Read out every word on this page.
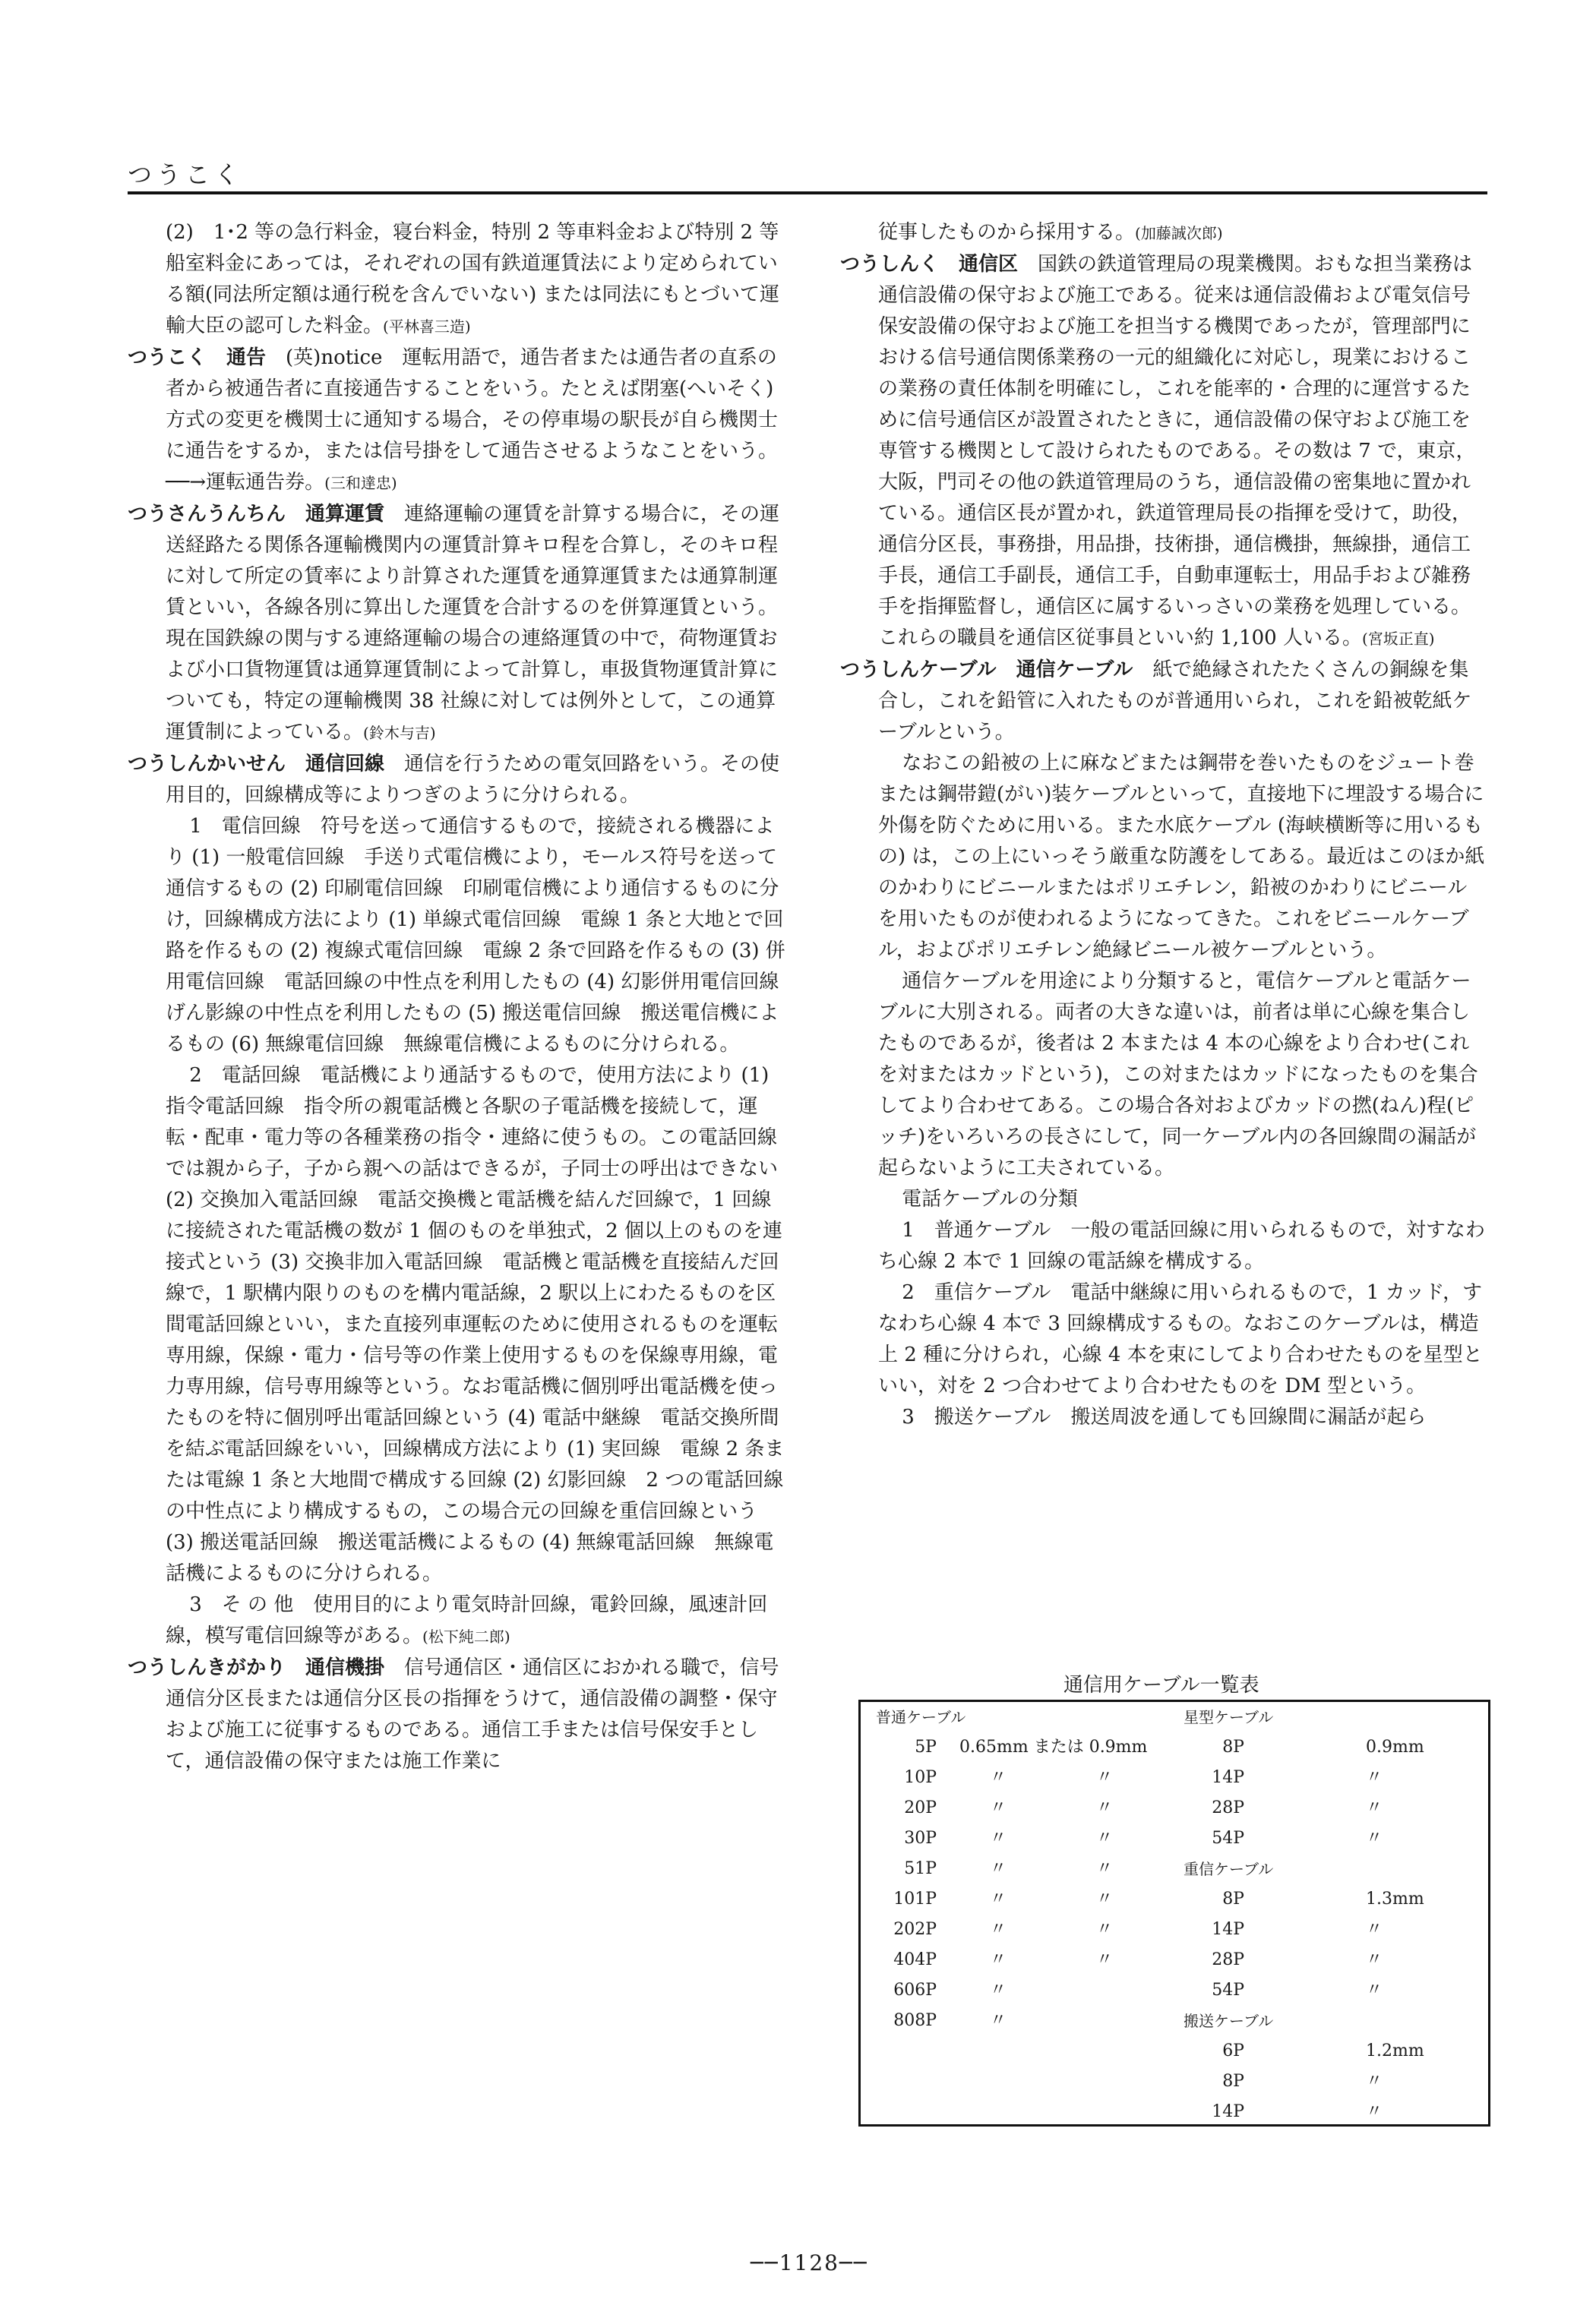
つうこく
(2)　1･2 等の急行料金，寝台料金，特別 2 等車料金および特別 2 等船室料金にあっては，それぞれの国有鉄道運賃法により定められている額(同法所定額は通行税を含んでいない) または同法にもとづいて運輸大臣の認可した料金。(平林喜三造)
つうこく　通告　 (英)notice　運転用語で，通告者または通告者の直系の者から被通告者に直接通告することをいう。たとえば閉塞(へいそく)方式の変更を機関士に通知する場合，その停車場の駅長が自ら機関士に通告をするか，または信号掛をして通告させるようなことをいう。──→運転通告券。(三和達忠)
つうさんうんちん　通算運賃　 連絡運輸の運賃を計算する場合に，その運送経路たる関係各運輸機関内の運賃計算キロ程を合算し，そのキロ程に対して所定の賃率により計算された運賃を通算運賃または通算制運賃といい，各線各別に算出した運賃を合計するのを併算運賃という。現在国鉄線の関与する連絡運輸の場合の連絡運賃の中で，荷物運賃および小口貨物運賃は通算運賃制によって計算し，車扱貨物運賃計算についても，特定の運輸機関 38 社線に対しては例外として，この通算運賃制によっている。(鈴木与吉)
つうしんかいせん　通信回線　 通信を行うための電気回路をいう。その使用目的，回線構成等によりつぎのように分けられる。
1　電信回線　符号を送って通信するもので，接続される機器により (1) 一般電信回線　手送り式電信機により，モールス符号を送って通信するもの (2) 印刷電信回線　印刷電信機により通信するものに分け，回線構成方法により (1) 単線式電信回線　電線 1 条と大地とで回路を作るもの (2) 複線式電信回線　電線 2 条で回路を作るもの (3) 併用電信回線　電話回線の中性点を利用したもの (4) 幻影併用電信回線　げん影線の中性点を利用したもの (5) 搬送電信回線　搬送電信機によるもの (6) 無線電信回線　無線電信機によるものに分けられる。
2　電話回線　電話機により通話するもので，使用方法により (1) 指令電話回線　指令所の親電話機と各駅の子電話機を接続して，運転・配車・電力等の各種業務の指令・連絡に使うもの。この電話回線では親から子，子から親への話はできるが，子同士の呼出はできない (2) 交換加入電話回線　電話交換機と電話機を結んだ回線で，1 回線に接続された電話機の数が 1 個のものを単独式，2 個以上のものを連接式という (3) 交換非加入電話回線　電話機と電話機を直接結んだ回線で，1 駅構内限りのものを構内電話線，2 駅以上にわたるものを区間電話回線といい，また直接列車運転のために使用されるものを運転専用線，保線・電力・信号等の作業上使用するものを保線専用線，電力専用線，信号専用線等という。なお電話機に個別呼出電話機を使ったものを特に個別呼出電話回線という (4) 電話中継線　電話交換所間を結ぶ電話回線をいい，回線構成方法により (1) 実回線　電線 2 条または電線 1 条と大地間で構成する回線 (2) 幻影回線　2 つの電話回線の中性点により構成するもの，この場合元の回線を重信回線という (3) 搬送電話回線　搬送電話機によるもの (4) 無線電話回線　無線電話機によるものに分けられる。
3　そ の 他　使用目的により電気時計回線，電鈴回線，風速計回線，模写電信回線等がある。(松下純二郎)
つうしんきがかり　通信機掛　 信号通信区・通信区におかれる職で，信号通信分区長または通信分区長の指揮をうけて，通信設備の調整・保守および施工に従事するものである。通信工手または信号保安手として，通信設備の保守または施工作業に
従事したものから採用する。(加藤誠次郎)
つうしんく　通信区　 国鉄の鉄道管理局の現業機関。おもな担当業務は通信設備の保守および施工である。従来は通信設備および電気信号保安設備の保守および施工を担当する機関であったが，管理部門における信号通信関係業務の一元的組織化に対応し，現業におけるこの業務の責任体制を明確にし，これを能率的・合理的に運営するために信号通信区が設置されたときに，通信設備の保守および施工を専管する機関として設けられたものである。その数は 7 で，東京，大阪，門司その他の鉄道管理局のうち，通信設備の密集地に置かれている。通信区長が置かれ，鉄道管理局長の指揮を受けて，助役，通信分区長，事務掛，用品掛，技術掛，通信機掛，無線掛，通信工手長，通信工手副長，通信工手，自動車運転士，用品手および雑務手を指揮監督し，通信区に属するいっさいの業務を処理している。これらの職員を通信区従事員といい約 1,100 人いる。(宮坂正直)
つうしんケーブル　通信ケーブル　 紙で絶縁されたたくさんの銅線を集合し，これを鉛管に入れたものが普通用いられ，これを鉛被乾紙ケーブルという。
なおこの鉛被の上に麻などまたは鋼帯を巻いたものをジュート巻または鋼帯鎧(がい)装ケーブルといって，直接地下に埋設する場合に外傷を防ぐために用いる。また水底ケーブル (海峡横断等に用いるもの) は，この上にいっそう厳重な防護をしてある。最近はこのほか紙のかわりにビニールまたはポリエチレン，鉛被のかわりにビニールを用いたものが使われるようになってきた。これをビニールケーブル，およびポリエチレン絶縁ビニール被ケーブルという。
通信ケーブルを用途により分類すると，電信ケーブルと電話ケーブルに大別される。両者の大きな違いは，前者は単に心線を集合したものであるが，後者は 2 本または 4 本の心線をより合わせ(これを対またはカッドという)，この対またはカッドになったものを集合してより合わせてある。この場合各対およびカッドの撚(ねん)程(ピッチ)をいろいろの長さにして，同一ケーブル内の各回線間の漏話が起らないように工夫されている。
電話ケーブルの分類
1　普通ケーブル　一般の電話回線に用いられるもので，対すなわち心線 2 本で 1 回線の電話線を構成する。
2　重信ケーブル　電話中継線に用いられるもので，1 カッド，すなわち心線 4 本で 3 回線構成するもの。なおこのケーブルは，構造上 2 種に分けられ，心線 4 本を束にしてより合わせたものを星型といい，対を 2 つ合わせてより合わせたものを DM 型という。
3　搬送ケーブル　搬送周波を通しても回線間に漏話が起ら
通信用ケーブル一覧表
普通ケーブル
5P 0.65mm または 0.9mm
10P	〃	〃
20P	〃	〃
30P	〃	〃
51P	〃	〃
101P	〃	〃
202P	〃	〃
404P	〃	〃
606P	〃
808P	〃
星型ケーブル
8P	0.9mm
14P	〃
28P	〃
54P	〃
重信ケーブル
8P	1.3mm
14P	〃
28P	〃
54P	〃
搬送ケーブル
6P	1.2mm
8P	〃
14P	〃
──1128──
